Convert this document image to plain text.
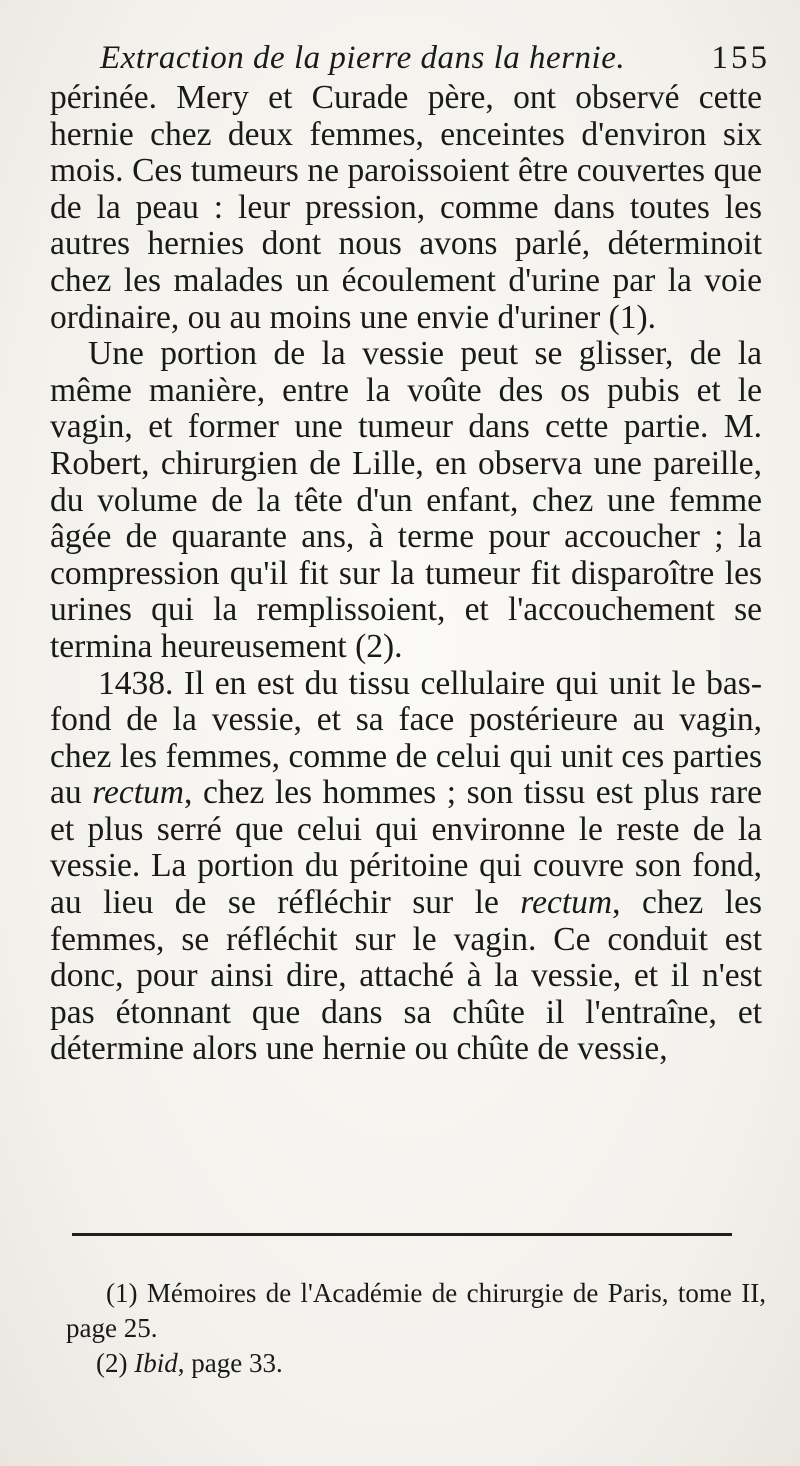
Extraction de la pierre dans la hernie.	155

périnée. Mery et Curade père, ont observé cette hernie chez deux femmes, enceintes d'environ six mois. Ces tumeurs ne paroissoient être couvertes que de la peau : leur pression, comme dans toutes les autres hernies dont nous avons parlé, déterminoit chez les malades un écoulement d'urine par la voie ordinaire, ou au moins une envie d'uriner (1).

Une portion de la vessie peut se glisser, de la même manière, entre la voûte des os pubis et le vagin, et former une tumeur dans cette partie. M. Robert, chirurgien de Lille, en observa une pareille, du volume de la tête d'un enfant, chez une femme âgée de quarante ans, à terme pour accoucher ; la compression qu'il fit sur la tumeur fit disparoître les urines qui la remplissoient, et l'accouchement se termina heureusement (2).

1438. Il en est du tissu cellulaire qui unit le bas-fond de la vessie, et sa face postérieure au vagin, chez les femmes, comme de celui qui unit ces parties au rectum, chez les hommes ; son tissu est plus rare et plus serré que celui qui environne le reste de la vessie. La portion du péritoine qui couvre son fond, au lieu de se réfléchir sur le rectum, chez les femmes, se réfléchit sur le vagin. Ce conduit est donc, pour ainsi dire, attaché à la vessie, et il n'est pas étonnant que dans sa chûte il l'entraîne, et détermine alors une hernie ou chûte de vessie,

(1) Mémoires de l'Académie de chirurgie de Paris, tome II, page 25.
(2) Ibid, page 33.
